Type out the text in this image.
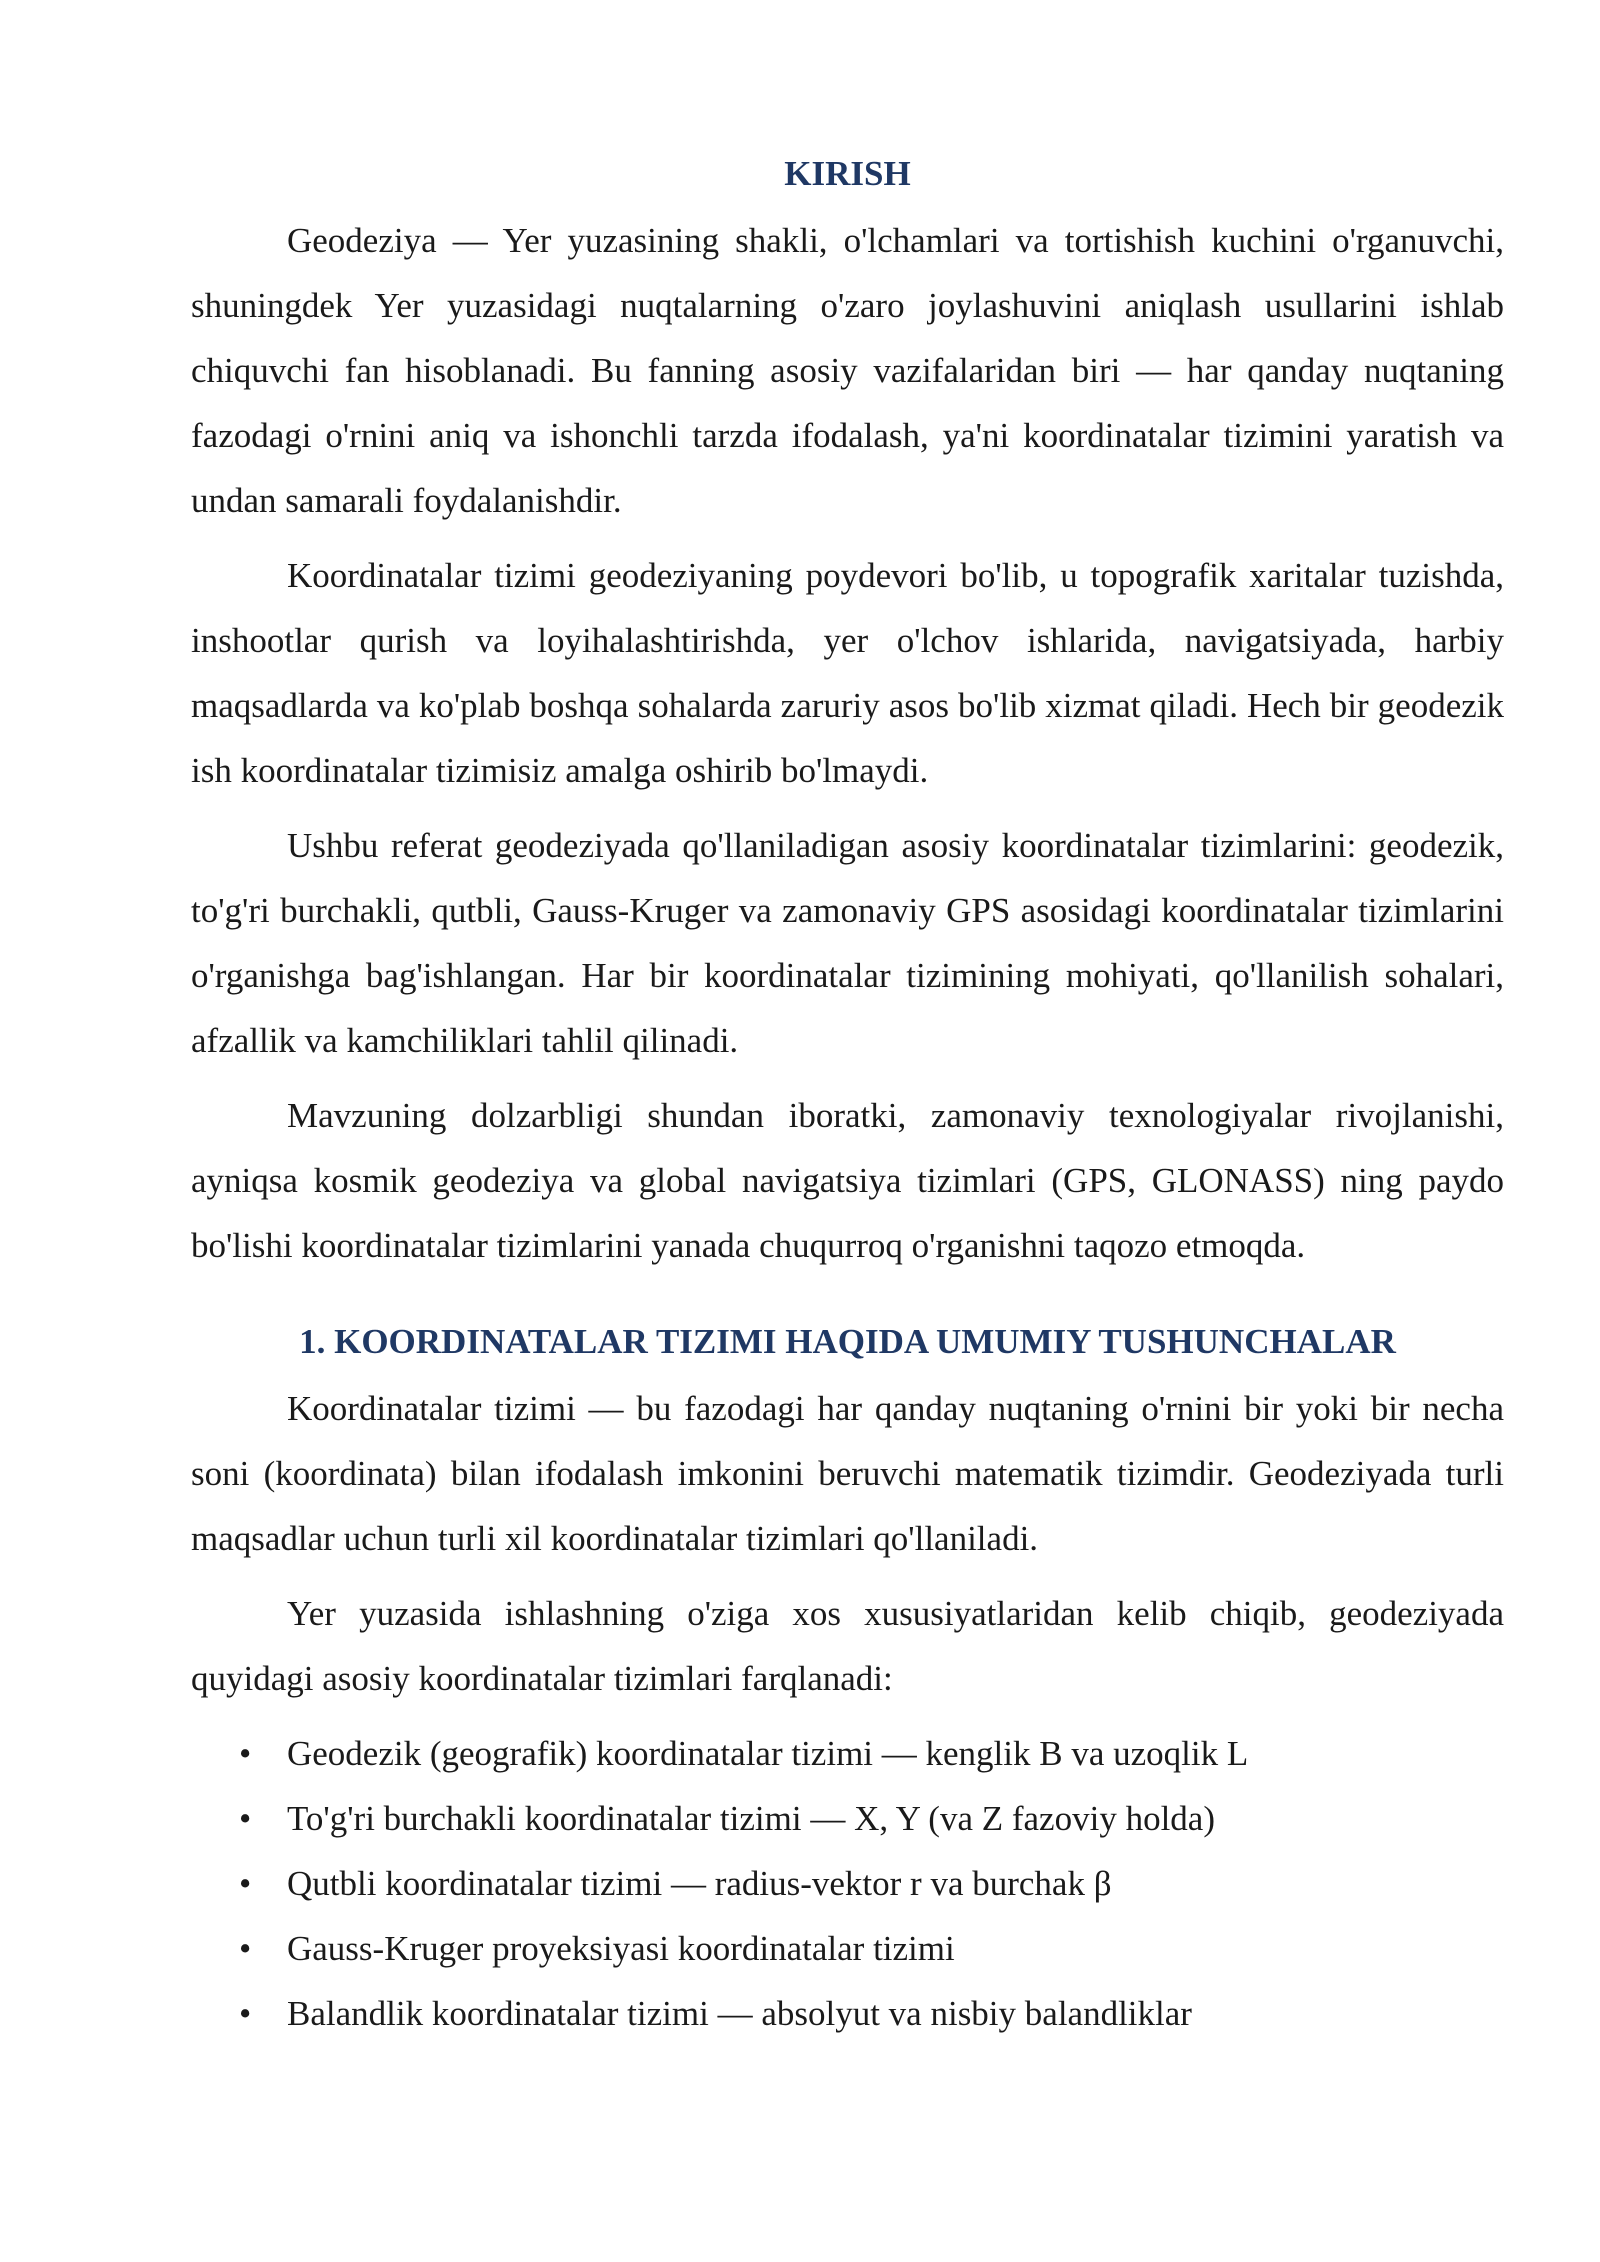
KIRISH

Geodeziya — Yer yuzasining shakli, o'lchamlari va tortishish kuchini o'rganuvchi, shuningdek Yer yuzasidagi nuqtalarning o'zaro joylashuvini aniqlash usullarini ishlab chiquvchi fan hisoblanadi. Bu fanning asosiy vazifalaridan biri — har qanday nuqtaning fazodagi o'rnini aniq va ishonchli tarzda ifodalash, ya'ni koordinatalar tizimini yaratish va undan samarali foydalanishdir.

Koordinatalar tizimi geodeziyaning poydevori bo'lib, u topografik xaritalar tuzishda, inshootlar qurish va loyihalashtirishda, yer o'lchov ishlarida, navigatsiyada, harbiy maqsadlarda va ko'plab boshqa sohalarda zaruriy asos bo'lib xizmat qiladi. Hech bir geodezik ish koordinatalar tizimisiz amalga oshirib bo'lmaydi.

Ushbu referat geodeziyada qo'llaniladigan asosiy koordinatalar tizimlarini: geodezik, to'g'ri burchakli, qutbli, Gauss-Kruger va zamonaviy GPS asosidagi koordinatalar tizimlarini o'rganishga bag'ishlangan. Har bir koordinatalar tizimining mohiyati, qo'llanilish sohalari, afzallik va kamchiliklari tahlil qilinadi.

Mavzuning dolzarbligi shundan iboratki, zamonaviy texnologiyalar rivojlanishi, ayniqsa kosmik geodeziya va global navigatsiya tizimlari (GPS, GLONASS) ning paydo bo'lishi koordinatalar tizimlarini yanada chuqurroq o'rganishni taqozo etmoqda.

1. KOORDINATALAR TIZIMI HAQIDA UMUMIY TUSHUNCHALAR

Koordinatalar tizimi — bu fazodagi har qanday nuqtaning o'rnini bir yoki bir necha soni (koordinata) bilan ifodalash imkonini beruvchi matematik tizimdir. Geodeziyada turli maqsadlar uchun turli xil koordinatalar tizimlari qo'llaniladi.

Yer yuzasida ishlashning o'ziga xos xususiyatlaridan kelib chiqib, geodeziyada quyidagi asosiy koordinatalar tizimlari farqlanadi:

• Geodezik (geografik) koordinatalar tizimi — kenglik B va uzoqlik L
• To'g'ri burchakli koordinatalar tizimi — X, Y (va Z fazoviy holda)
• Qutbli koordinatalar tizimi — radius-vektor r va burchak β
• Gauss-Kruger proyeksiyasi koordinatalar tizimi
• Balandlik koordinatalar tizimi — absolyut va nisbiy balandliklar
